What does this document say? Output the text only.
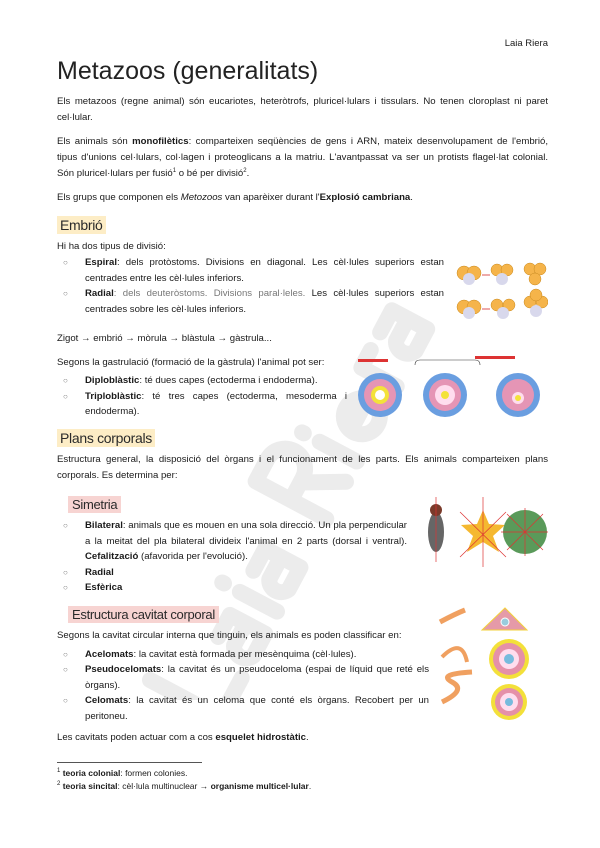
Laia Riera
Metazoos (generalitats)

Els metazoos (regne animal) són eucariotes, heteròtrofs, pluricel·lulars i tissulars. No tenen cloroplast ni paret cel·lular.

Els animals són monofilètics: comparteixen seqüències de gens i ARN, mateix desenvolupament de l'embrió, tipus d'unions cel·lulars, col·lagen i proteoglicans a la matriu. L'avantpassat va ser un protists flagel·lat colonial. Són pluricel·lulars per fusió$^1$ o bé per divisió$^2$.

Els grups que componen els Metozoos van aparèixer durant l'Explosió cambriana.

Embrió
Hi ha dos tipus de divisió:
○ Espiral: dels protòstoms. Divisions en diagonal. Les cèl·lules superiors estan centrades entre les cèl·lules inferiors.
○ Radial: dels deuteròstoms. Divisions paral·leles. Les cèl·lules superiors estan centrades sobre les cèl·lules inferiors.
Zigot → embrió → mòrula → blàstula → gàstrula...
Segons la gastrulació (formació de la gàstrula) l'animal pot ser:
○ Diploblàstic: té dues capes (ectoderma i endoderma).
○ Triploblàstic: té tres capes (ectoderma, mesoderma i endoderma).
Plans corporals

Estructura general, la disposició del òrgans i el funcionament de les parts. Els animals comparteixen plans corporals. Es determina per:

Simetria
○ Bilateral: animals que es mouen en una sola direcció. Un pla perpendicular a la meitat del pla bilateral divideix l'animal en 2 parts (dorsal i ventral). Cefalització (afavorida per l'evolució).
○ Radial
○ Esfèrica
Estructura cavitat corporal
Segons la cavitat circular interna que tinguin, els animals es poden classificar en:
○ Acelomats: la cavitat està formada per mesènquima (cèl·lules).
○ Pseudocelomats: la cavitat és un pseudoceloma (espai de líquid que reté els òrgans).
○ Celomats: la cavitat és un celoma que conté els òrgans. Recobert per un peritoneu.
Les cavitats poden actuar com a cos esquelet hidrostàtic.
$^1$ teoria colonial: formen colonies.
$^2$ teoria sincital: cèl·lula multinuclear → organisme multicel·lular.
